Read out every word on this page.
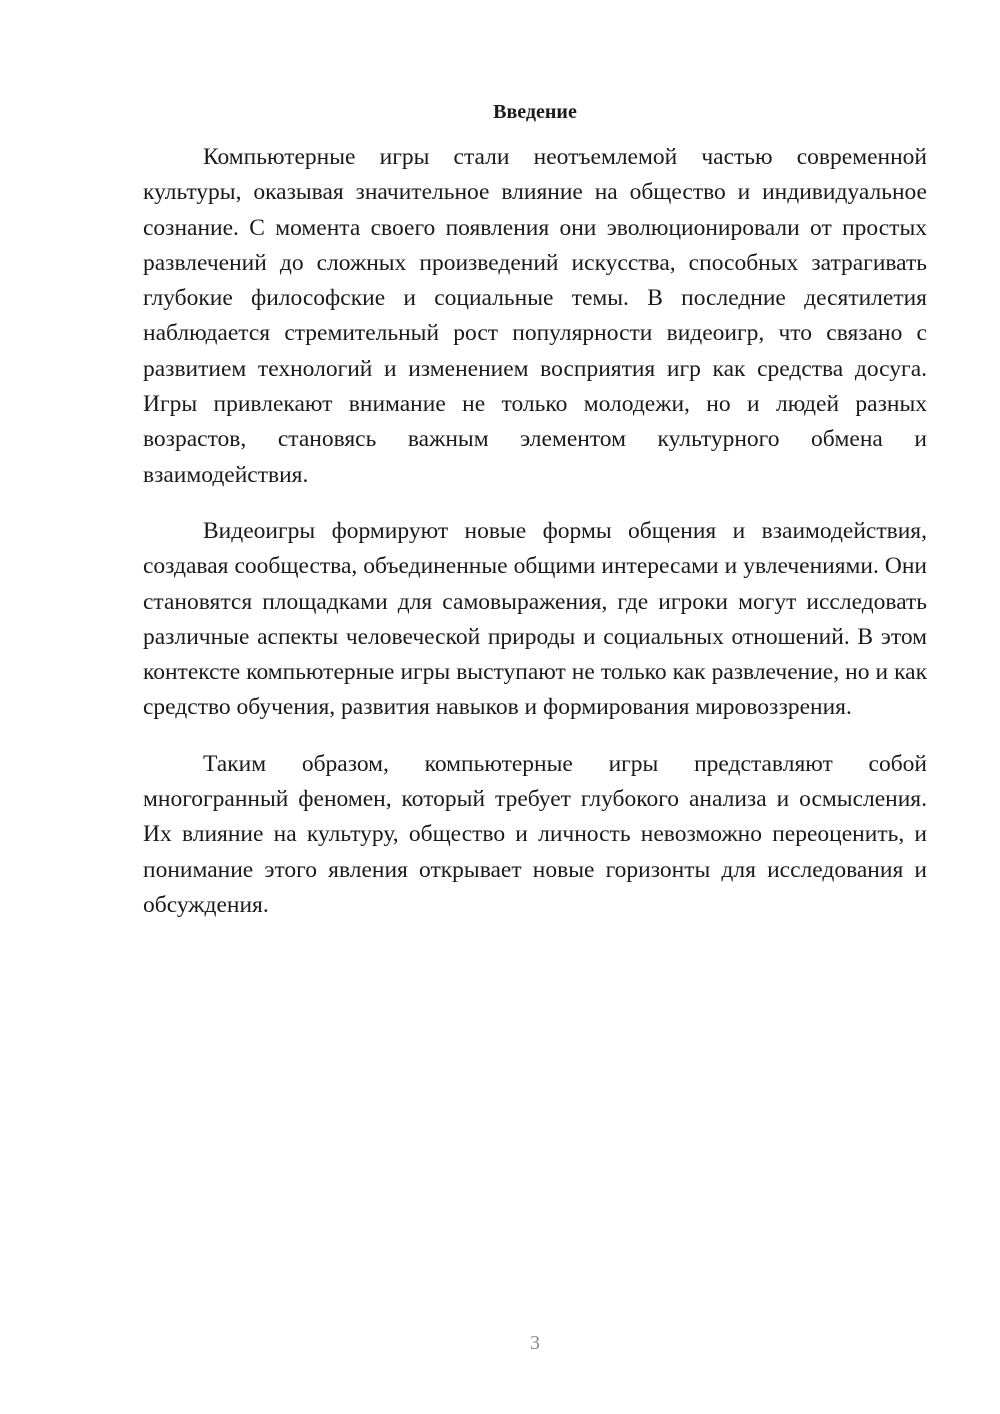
Введение

Компьютерные игры стали неотъемлемой частью современной культуры, оказывая значительное влияние на общество и индивидуальное сознание. С момента своего появления они эволюционировали от простых развлечений до сложных произведений искусства, способных затрагивать глубокие философские и социальные темы. В последние десятилетия наблюдается стремительный рост популярности видеоигр, что связано с развитием технологий и изменением восприятия игр как средства досуга. Игры привлекают внимание не только молодежи, но и людей разных возрастов, становясь важным элементом культурного обмена и взаимодействия.

Видеоигры формируют новые формы общения и взаимодействия, создавая сообщества, объединенные общими интересами и увлечениями. Они становятся площадками для самовыражения, где игроки могут исследовать различные аспекты человеческой природы и социальных отношений. В этом контексте компьютерные игры выступают не только как развлечение, но и как средство обучения, развития навыков и формирования мировоззрения.

Таким образом, компьютерные игры представляют собой многогранный феномен, который требует глубокого анализа и осмысления. Их влияние на культуру, общество и личность невозможно переоценить, и понимание этого явления открывает новые горизонты для исследования и обсуждения.

3
